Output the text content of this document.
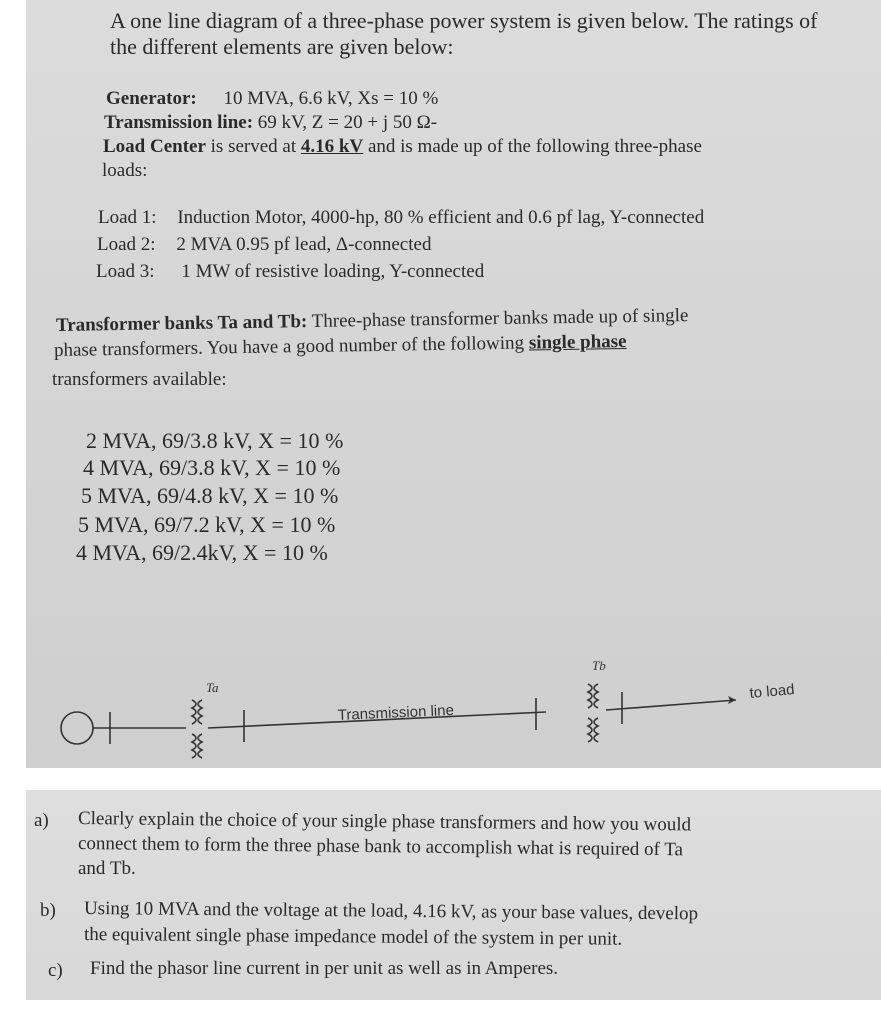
A one line diagram of a three-phase power system is given below. The ratings of
the different elements are given below:
Generator: 10 MVA, 6.6 kV, Xs = 10 %
Transmission line: 69 kV, Z = 20 + j 50 Ω-
Load Center is served at 4.16 kV and is made up of the following three-phase
loads:
Load 1: Induction Motor, 4000-hp, 80 % efficient and 0.6 pf lag, Y-connected
Load 2: 2 MVA 0.95 pf lead, Δ-connected
Load 3: 1 MW of resistive loading, Y-connected
Transformer banks Ta and Tb: Three-phase transformer banks made up of single
phase transformers. You have a good number of the following single phase
transformers available:
2 MVA, 69/3.8 kV, X = 10 %
4 MVA, 69/3.8 kV, X = 10 %
5 MVA, 69/4.8 kV, X = 10 %
5 MVA, 69/7.2 kV, X = 10 %
4 MVA, 69/2.4kV, X = 10 %
Ta
Tb
Transmission line
to load
a) Clearly explain the choice of your single phase transformers and how you would
connect them to form the three phase bank to accomplish what is required of Ta
and Tb.
b) Using 10 MVA and the voltage at the load, 4.16 kV, as your base values, develop
the equivalent single phase impedance model of the system in per unit.
c) Find the phasor line current in per unit as well as in Amperes.
